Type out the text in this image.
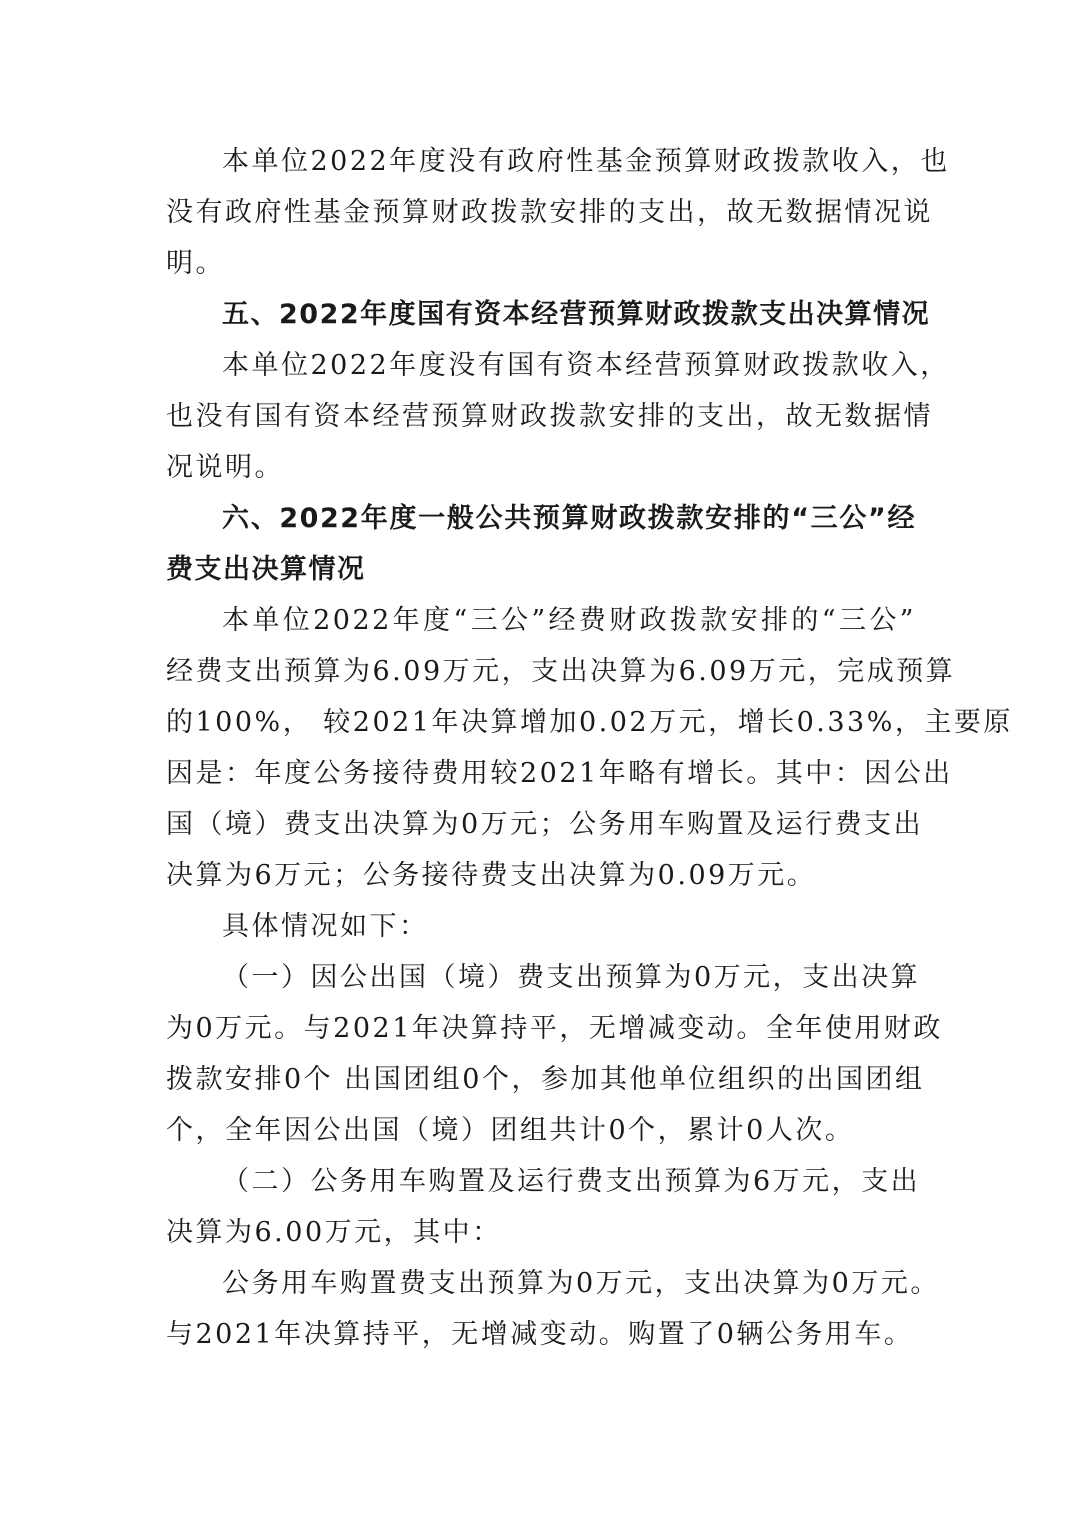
本单位2022年度没有政府性基金预算财政拨款收入，也
没有政府性基金预算财政拨款安排的支出，故无数据情况说
明。
五、2022年度国有资本经营预算财政拨款支出决算情况
本单位2022年度没有国有资本经营预算财政拨款收入，
也没有国有资本经营预算财政拨款安排的支出，故无数据情
况说明。
六、2022年度一般公共预算财政拨款安排的“三公”经
费支出决算情况
本单位2022年度“三公”经费财政拨款安排的“三公”
经费支出预算为6.09万元，支出决算为6.09万元，完成预算
的100%， 较2021年决算增加0.02万元，增长0.33%，主要原
因是：年度公务接待费用较2021年略有增长。其中：因公出
国（境）费支出决算为0万元；公务用车购置及运行费支出
决算为6万元；公务接待费支出决算为0.09万元。
具体情况如下：
（一）因公出国（境）费支出预算为0万元，支出决算
为0万元。与2021年决算持平，无增减变动。全年使用财政
拨款安排0个 出国团组0个，参加其他单位组织的出国团组
个，全年因公出国（境）团组共计0个，累计0人次。
（二）公务用车购置及运行费支出预算为6万元，支出
决算为6.00万元，其中：
公务用车购置费支出预算为0万元，支出决算为0万元。
与2021年决算持平，无增减变动。购置了0辆公务用车。
